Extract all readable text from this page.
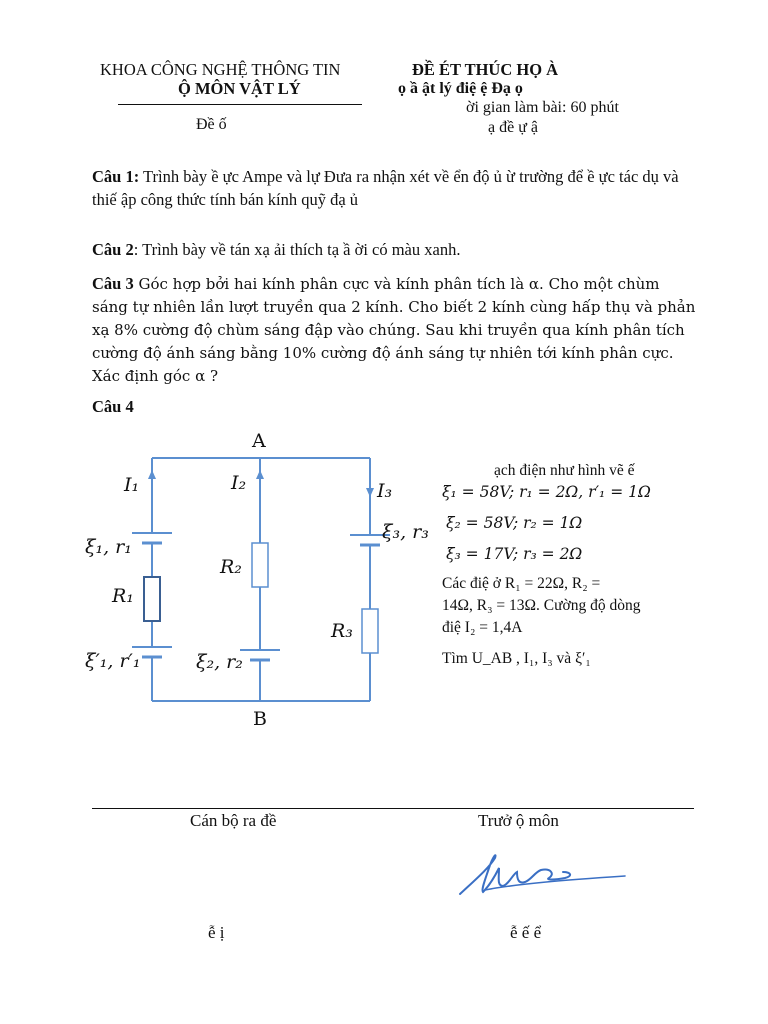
KHOA CÔNG NGHỆ THÔNG TIN
Ộ MÔN VẬT LÝ
Đề ố
ĐỀ ÉT THÚC HỌ À
ọ ầ ật lý điệ ệ Đạ ọ
ời gian làm bài: 60 phút
ạ đề ự ậ
Câu 1: Trình bày ề ực Ampe và lự Đưa ra nhận xét về ển độ ủ ừ trường để ề ực tác dụ và thiế ập công thức tính bán kính quỹ đạ ủ
Câu 2: Trình bày về tán xạ ải thích tạ ầ ời có màu xanh.
Câu 3 Góc hợp bởi hai kính phân cực và kính phân tích là α. Cho một chùm sáng tự nhiên lần lượt truyền qua 2 kính. Cho biết 2 kính cùng hấp thụ và phản xạ 8% cường độ chùm sáng đập vào chúng. Sau khi truyền qua kính phân tích cường độ ánh sáng bằng 10% cường độ ánh sáng tự nhiên tới kính phân cực. Xác định góc α ?
Câu 4
A
B
I₁	I₂	I₃
ξ₁, r₁
ξ′₁, r′₁	ξ₂, r₂
ξ₃, r₃
R₁
R₂
R₃
ạch điện như hình vẽ ế
ξ₁ = 58V; r₁ = 2Ω, r′₁ = 1Ω
ξ₂ = 58V; r₂ = 1Ω
ξ₃ = 17V; r₃ = 2Ω
Các điệ ở R₁ = 22Ω, R₂ =
14Ω, R₃ = 13Ω. Cường độ dòng
điệ I₂ = 1,4A
Tìm U_AB , I₁, I₃ và ξ′₁
Cán bộ ra đề	Trưở ộ môn
ễ ị	ễ ế ể
